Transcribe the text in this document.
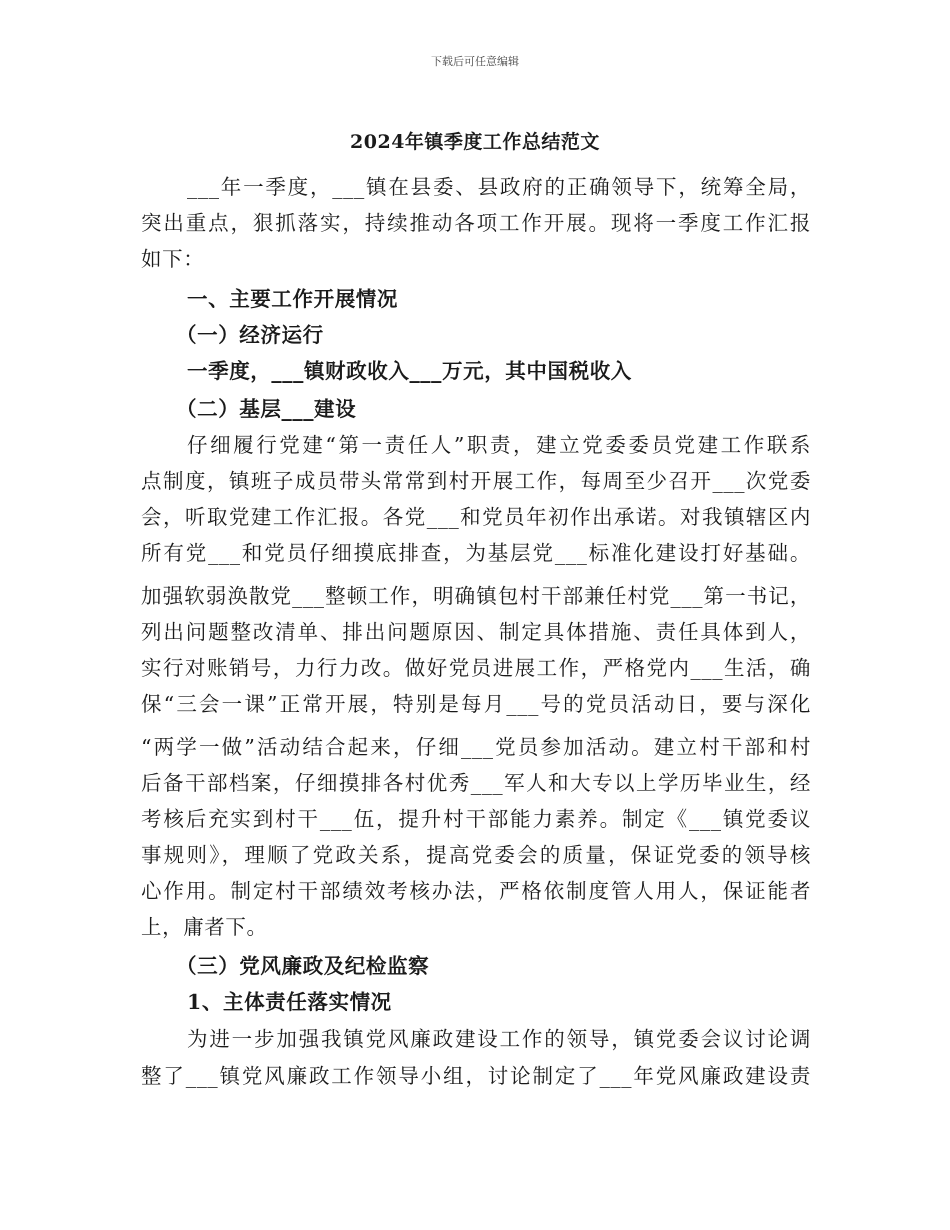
下载后可任意编辑
2024年镇季度工作总结范文
___年一季度，___镇在县委、县政府的正确领导下，统筹全局，
突出重点，狠抓落实，持续推动各项工作开展。现将一季度工作汇报
如下：
一、主要工作开展情况
（一）经济运行
一季度，___镇财政收入___万元，其中国税收入
（二）基层___建设
仔细履行党建“第一责任人”职责，建立党委委员党建工作联系
点制度，镇班子成员带头常常到村开展工作，每周至少召开___次党委
会，听取党建工作汇报。各党___和党员年初作出承诺。对我镇辖区内
所有党___和党员仔细摸底排查，为基层党___标准化建设打好基础。
加强软弱涣散党___整顿工作，明确镇包村干部兼任村党___第一书记，
列出问题整改清单、排出问题原因、制定具体措施、责任具体到人，
实行对账销号，力行力改。做好党员进展工作，严格党内___生活，确
保“三会一课”正常开展，特别是每月___号的党员活动日，要与深化
“两学一做”活动结合起来，仔细___党员参加活动。建立村干部和村
后备干部档案，仔细摸排各村优秀___军人和大专以上学历毕业生，经
考核后充实到村干___伍，提升村干部能力素养。制定《___镇党委议
事规则》，理顺了党政关系，提高党委会的质量，保证党委的领导核
心作用。制定村干部绩效考核办法，严格依制度管人用人，保证能者
上，庸者下。
（三）党风廉政及纪检监察
1、主体责任落实情况
为进一步加强我镇党风廉政建设工作的领导，镇党委会议讨论调
整了___镇党风廉政工作领导小组，讨论制定了___年党风廉政建设责
